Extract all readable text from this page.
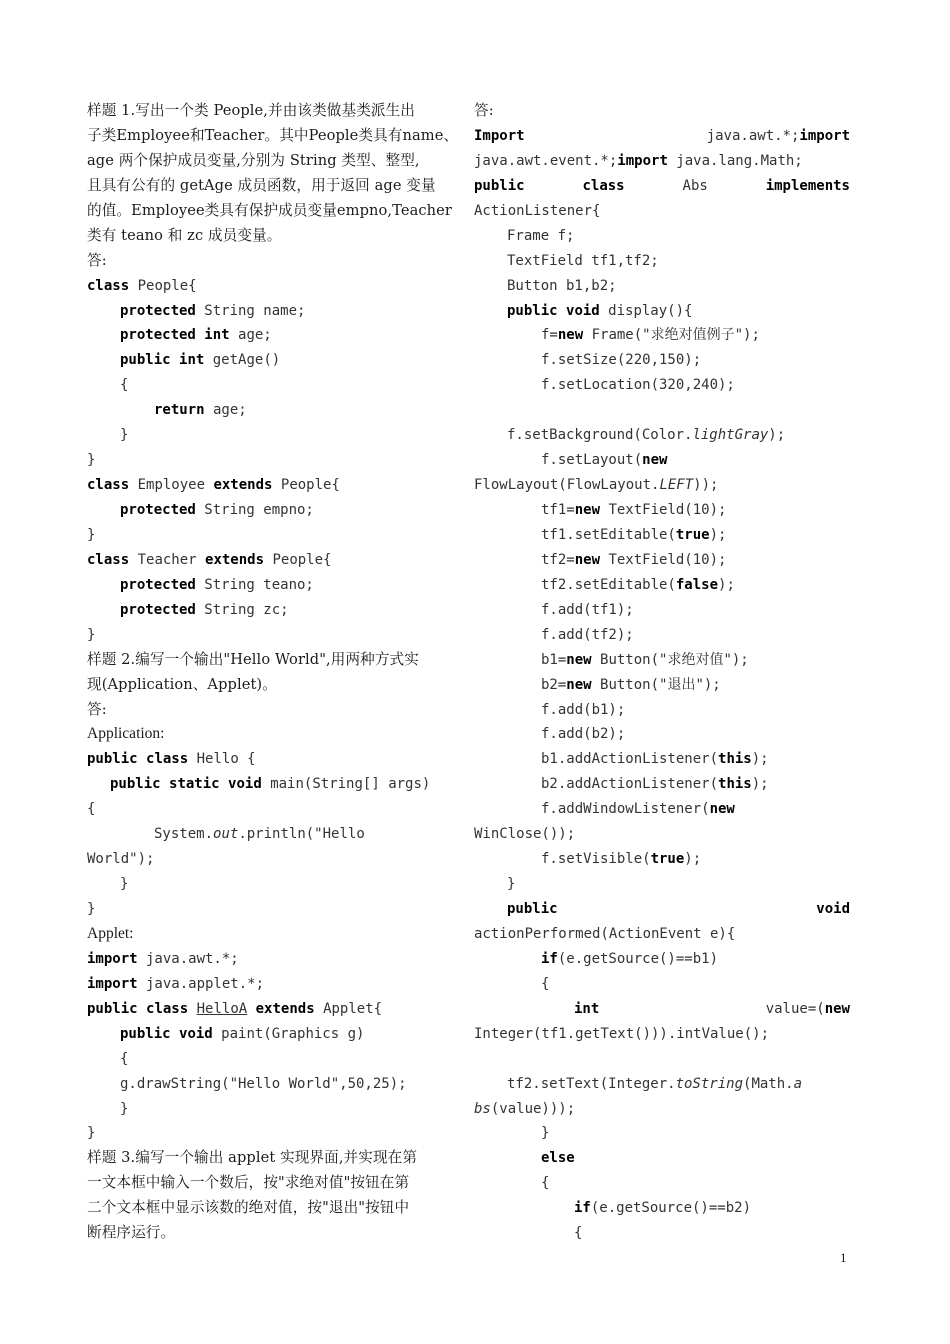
样题 1.写出一个类 People,并由该类做基类派生出
子类Employee和Teacher。其中People类具有name、
age 两个保护成员变量,分别为 String 类型、整型,
且具有公有的 getAge 成员函数，用于返回 age 变量
的值。Employee类具有保护成员变量empno,Teacher
类有 teano 和 zc 成员变量。
答:
class People{
protected String name;
protected int age;
public int getAge()
{
return age;
}
}
class Employee extends People{
protected String empno;
}
class Teacher extends People{
protected String teano;
protected String zc;
}
样题 2.编写一个输出"Hello World",用两种方式实
现(Application、Applet)。
答:
Application:
public class Hello {
public static void main(String[] args)
{
System.out.println("Hello
World");
}
}
Applet:
import java.awt.*;
import java.applet.*;
public class HelloA extends Applet{
public void paint(Graphics g)
{
g.drawString("Hello World",50,25);
}
}
样题 3.编写一个输出 applet 实现界面,并实现在第
一文本框中输入一个数后，按"求绝对值"按钮在第
二个文本框中显示该数的绝对值，按"退出"按钮中
断程序运行。
答:
Import	java.awt.*;import
java.awt.event.*;import java.lang.Math;
public	class	Abs	implements
ActionListener{
Frame f;
TextField tf1,tf2;
Button b1,b2;
public void display(){
f=new Frame("求绝对值例子");
f.setSize(220,150);
f.setLocation(320,240);
f.setBackground(Color.lightGray);
f.setLayout(new
FlowLayout(FlowLayout.LEFT));
tf1=new TextField(10);
tf1.setEditable(true);
tf2=new TextField(10);
tf2.setEditable(false);
f.add(tf1);
f.add(tf2);
b1=new Button("求绝对值");
b2=new Button("退出");
f.add(b1);
f.add(b2);
b1.addActionListener(this);
b2.addActionListener(this);
f.addWindowListener(new
WinClose());
f.setVisible(true);
}
public	void
actionPerformed(ActionEvent e){
if(e.getSource()==b1)
{
int	value=(new
Integer(tf1.getText())).intValue();
tf2.setText(Integer.toString(Math.a
bs(value)));
}
else
{
if(e.getSource()==b2)
{
1
